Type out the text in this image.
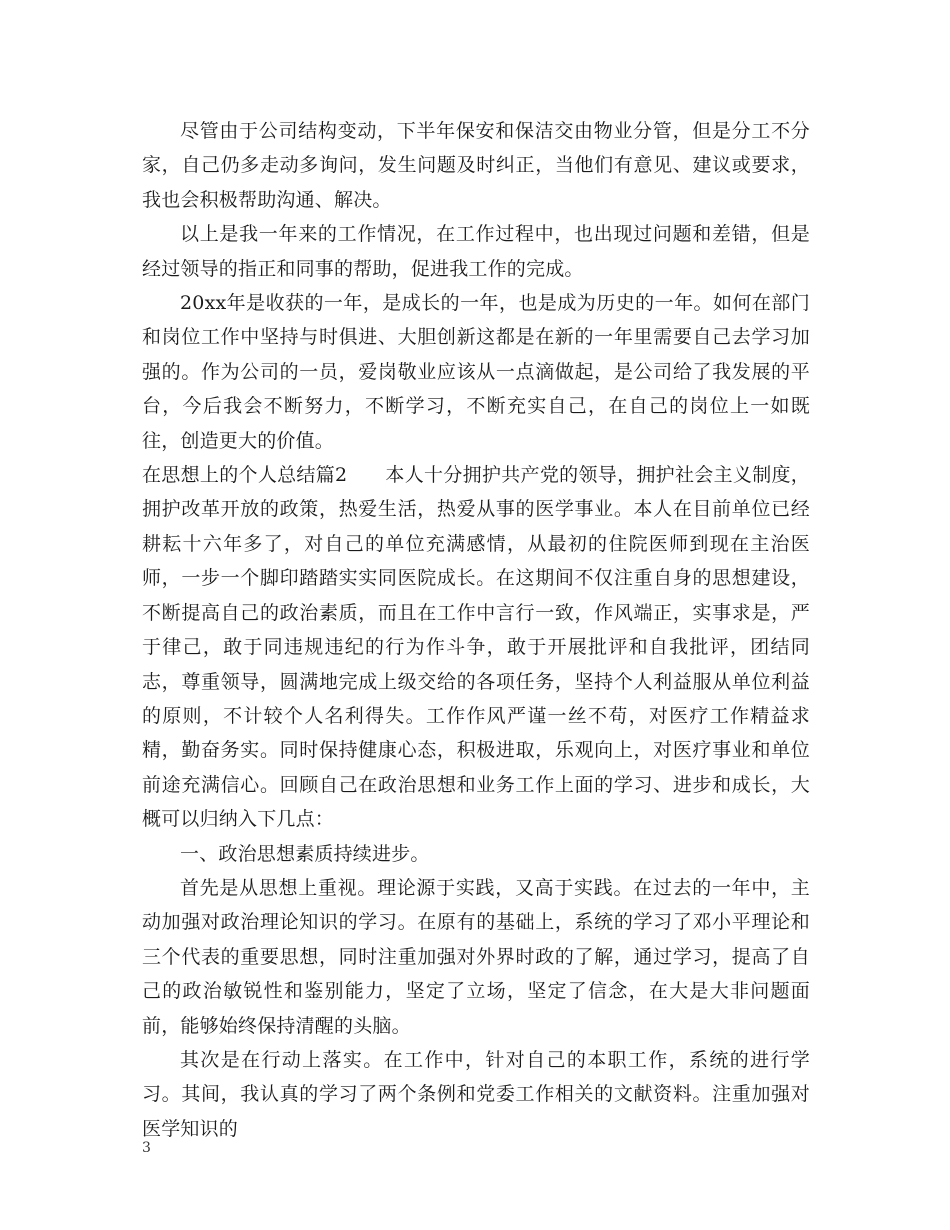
尽管由于公司结构变动，下半年保安和保洁交由物业分管，但是分工不分家，自己仍多走动多询问，发生问题及时纠正，当他们有意见、建议或要求，我也会积极帮助沟通、解决。

以上是我一年来的工作情况，在工作过程中，也出现过问题和差错，但是经过领导的指正和同事的帮助，促进我工作的完成。

20xx年是收获的一年，是成长的一年，也是成为历史的一年。如何在部门和岗位工作中坚持与时俱进、大胆创新这都是在新的一年里需要自己去学习加强的。作为公司的一员，爱岗敬业应该从一点滴做起，是公司给了我发展的平台，今后我会不断努力，不断学习，不断充实自己，在自己的岗位上一如既往，创造更大的价值。

在思想上的个人总结篇2 本人十分拥护共产党的领导，拥护社会主义制度，拥护改革开放的政策，热爱生活，热爱从事的医学事业。本人在目前单位已经耕耘十六年多了，对自己的单位充满感情，从最初的住院医师到现在主治医师，一步一个脚印踏踏实实同医院成长。在这期间不仅注重自身的思想建设，不断提高自己的政治素质，而且在工作中言行一致，作风端正，实事求是，严于律己，敢于同违规违纪的行为作斗争，敢于开展批评和自我批评，团结同志，尊重领导，圆满地完成上级交给的各项任务，坚持个人利益服从单位利益的原则，不计较个人名利得失。工作作风严谨一丝不苟，对医疗工作精益求精，勤奋务实。同时保持健康心态，积极进取，乐观向上，对医疗事业和单位前途充满信心。回顾自己在政治思想和业务工作上面的学习、进步和成长，大概可以归纳入下几点：

一、政治思想素质持续进步。

首先是从思想上重视。理论源于实践，又高于实践。在过去的一年中，主动加强对政治理论知识的学习。在原有的基础上，系统的学习了邓小平理论和三个代表的重要思想，同时注重加强对外界时政的了解，通过学习，提高了自己的政治敏锐性和鉴别能力，坚定了立场，坚定了信念，在大是大非问题面前，能够始终保持清醒的头脑。

其次是在行动上落实。在工作中，针对自己的本职工作，系统的进行学习。其间，我认真的学习了两个条例和党委工作相关的文献资料。注重加强对医学知识的

3
